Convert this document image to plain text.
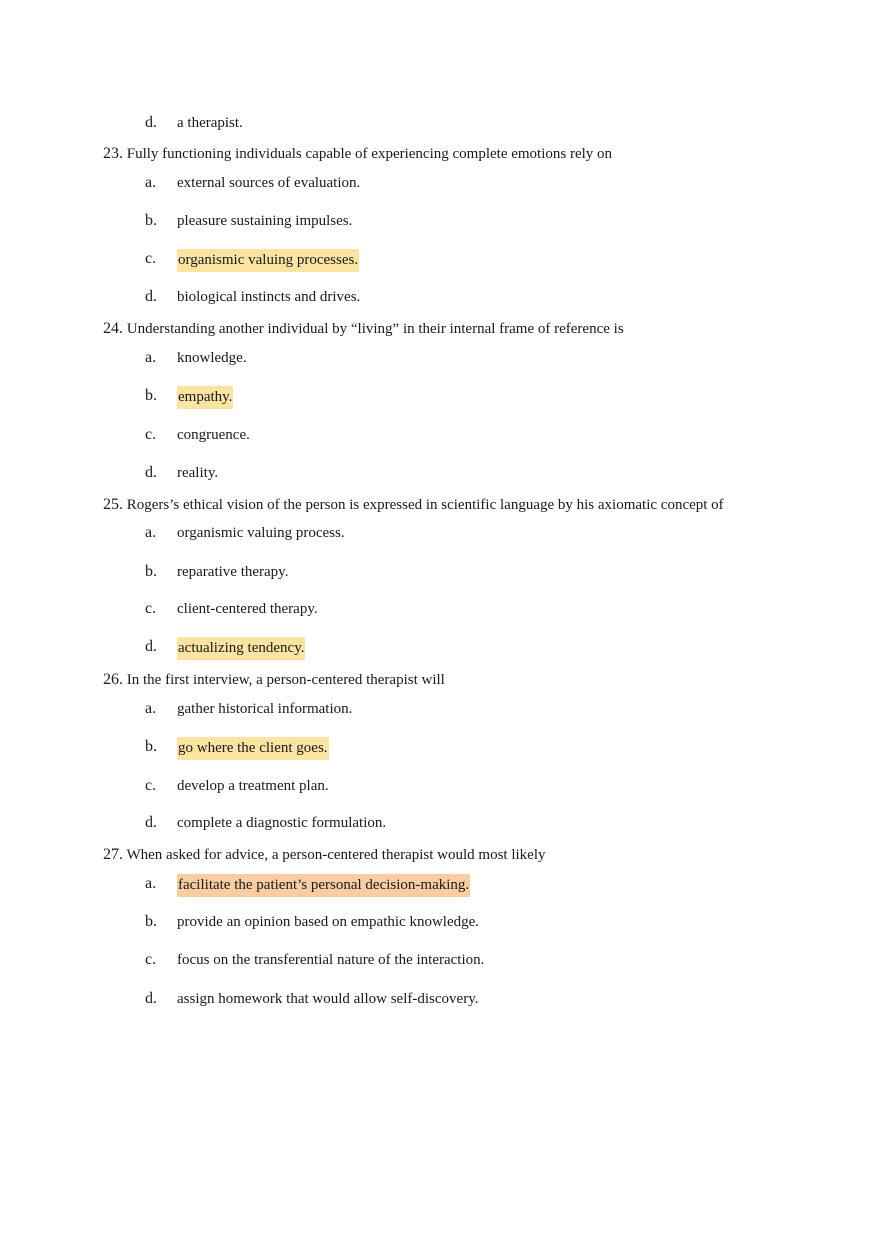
d.	a therapist.
23. Fully functioning individuals capable of experiencing complete emotions rely on
a.	external sources of evaluation.
b.	pleasure sustaining impulses.
c.	organismic valuing processes.
d.	biological instincts and drives.
24. Understanding another individual by “living” in their internal frame of reference is
a.	knowledge.
b.	empathy.
c.	congruence.
d.	reality.
25. Rogers’s ethical vision of the person is expressed in scientific language by his axiomatic concept of
a.	organismic valuing process.
b.	reparative therapy.
c.	client-centered therapy.
d.	actualizing tendency.
26. In the first interview, a person-centered therapist will
a.	gather historical information.
b.	go where the client goes.
c.	develop a treatment plan.
d.	complete a diagnostic formulation.
27. When asked for advice, a person-centered therapist would most likely
a.	facilitate the patient’s personal decision-making.
b.	provide an opinion based on empathic knowledge.
c.	focus on the transferential nature of the interaction.
d.	assign homework that would allow self-discovery.
